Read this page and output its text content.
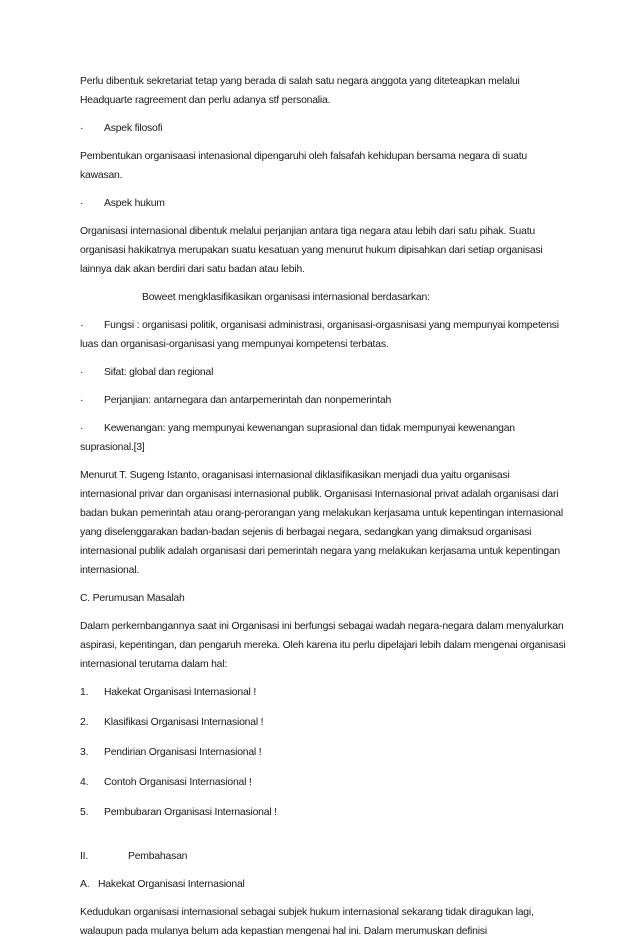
Perlu dibentuk sekretariat tetap yang berada di salah satu negara anggota yang diteteapkan melalui Headquarte ragreement dan perlu adanya stf personalia.

·	Aspek filosofi

Pembentukan organisaasi intenasional dipengaruhi oleh falsafah kehidupan bersama negara di suatu kawasan.

·	Aspek hukum

Organisasi internasional dibentuk melalui perjanjian antara tiga negara atau lebih dari satu pihak. Suatu organisasi hakikatnya merupakan suatu kesatuan yang menurut hukum dipisahkan dari setiap organisasi lainnya dak akan berdiri dari satu badan atau lebih.

Boweet mengklasifikasikan organisasi internasional berdasarkan:

· Fungsi : organisasi politik, organisasi administrasi, organisasi-orgasnisasi yang mempunyai kompetensi luas dan organisasi-organisasi yang mempunyai kompetensi terbatas.
·	Sifat: global dan regional
·	Perjanjian: antarnegara dan antarpemerintah dan nonpemerintah
· Kewenangan: yang mempunyai kewenangan suprasional dan tidak mempunyai kewenangan suprasional.[3]

Menurut T. Sugeng Istanto, oraganisasi internasional diklasifikasikan menjadi dua yaitu organisasi internasional privar dan organisasi internasional publik. Organisasi Internasional privat adalah organisasi dari badan bukan pemerintah atau orang-perorangan yang melakukan kerjasama untuk kepentingan internasional yang diselenggarakan badan-badan sejenis di berbagai negara, sedangkan yang dimaksud organisasi internasional publik adalah organisasi dari pemerintah negara yang melakukan kerjasama untuk kepentingan internasional.

C. Perumusan Masalah

Dalam perkembangannya saat ini Organisasi ini berfungsi sebagai wadah negara-negara dalam menyalurkan aspirasi, kepentingan, dan pengaruh mereka. Oleh karena itu perlu dipelajari lebih dalam mengenai organisasi internasional terutama dalam hal:

1.	Hakekat Organisasi Internasional !
2.	Klasifikasi Organisasi Internasional !
3.	Pendirian Organisasi Internasional !
4.	Contoh Organisasi Internasional !
5.	Pembubaran Organisasi Internasional !
II.	Pembahasan
A. Hakekat Organisasi Internasional

Kedudukan organisasi internasional sebagai subjek hukum internasional sekarang tidak diragukan lagi, walaupun pada mulanya belum ada kepastian mengenai hal ini. Dalam merumuskan definisi
